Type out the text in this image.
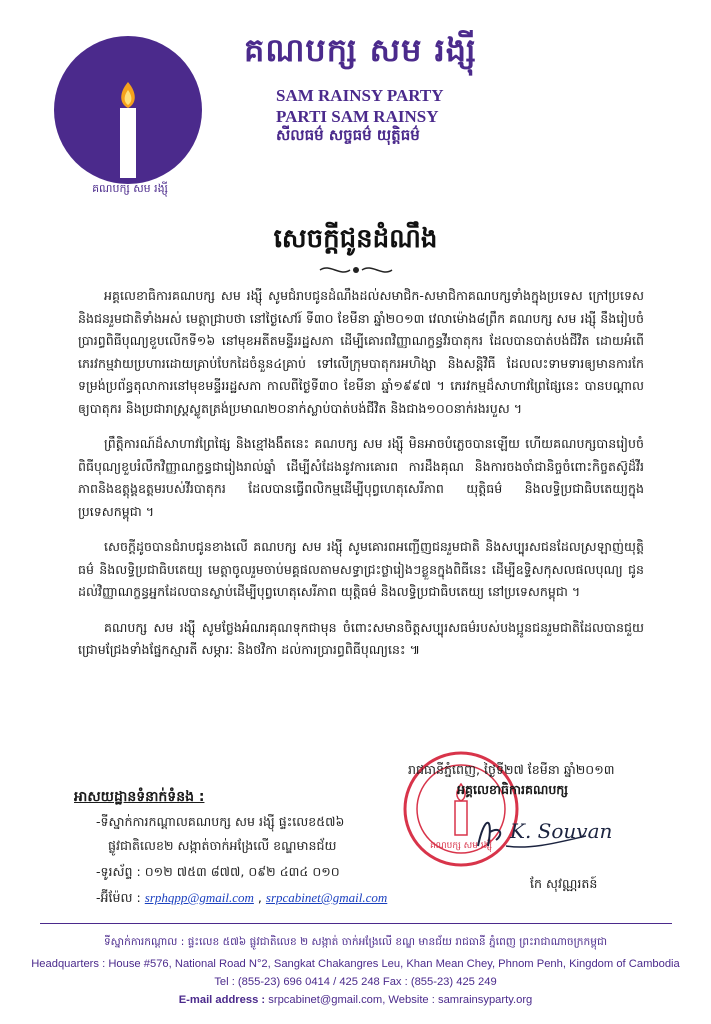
គណបក្ស សម រង្ស៊ី
គណបក្ស សម រង្ស៊ី
SAM RAINSY PARTY
PARTI SAM RAINSY
សីលធម៌ សច្ចធម៌ យុត្តិធម៌
សេចក្ដីជូនដំណឹង

អគ្គលេខាធិការគណបក្ស សម រង្ស៊ី សូមជំរាបជូនដំណឹងដល់សមាជិក-សមាជិកាគណបក្សទាំងក្នុងប្រទេស ក្រៅប្រទេស និងជនរួមជាតិទាំងអស់ មេត្តាជ្រាបថា នៅថ្ងៃសៅរ៍ ទី៣០ ខែមីនា ឆ្នាំ២០១៣ វេលាម៉ោង៨ព្រឹក គណបក្ស សម រង្ស៊ី នឹងរៀបចំប្រារព្ធពិធីបុណ្យខួបលើកទី១៦ នៅមុខអតីតមន្ទីររដ្ឋសភា ដើម្បីគោរពវិញ្ញាណក្ខន្ធវីរបាតុករ ដែលបានបាត់បង់ជីវិត ដោយអំពើភេរវកម្មវាយប្រហារដោយគ្រាប់បែកដៃចំនួន៤គ្រាប់ ទៅលើក្រុមបាតុករអហិង្សា និងសន្តិវិធី ដែលលះទាមទារឲ្យមានការកែទម្រង់ប្រព័ន្ធតុលាការនៅមុខមន្ទីររដ្ឋសភា កាលពីថ្ងៃទី៣០ ខែមីនា ឆ្នាំ១៩៩៧ ។ ភេរវកម្មដ៏សាហាវព្រៃផ្សៃនេះ បានបណ្ដាលឲ្យបាតុករ និងប្រជារាស្ត្រស្លូតត្រង់ប្រមាណ២០នាក់ស្លាប់បាត់បង់ជីវិត និងជាង១០០នាក់រងរបួស ។

ព្រឹត្តិការណ៍ដ៏សាហាវព្រៃផ្សៃ និងខ្មៅងងឹតនេះ គណបក្ស សម រង្ស៊ី មិនអាចបំភ្លេចបានឡើយ ហើយគណបក្សបានរៀបចំពិធីបុណ្យខួបរំលឹកវិញ្ញាណក្ខន្ធជារៀងរាល់ឆ្នាំ ដើម្បីសំដែងនូវការគោរព ការដឹងគុណ និងការចងចាំជានិច្ចចំពោះកិច្ចតស៊ូដ៏វីរភាពនិងឧត្ដុង្គឧត្ដមរបស់វីរបាតុករ ដែលបានធ្វើពលិកម្មដើម្បីបុព្វហេតុសេរីភាព យុត្តិធម៌ និងលទ្ធិប្រជាធិបតេយ្យក្នុងប្រទេសកម្ពុជា ។

សេចក្ដីដូចបានជំរាបជូនខាងលើ គណបក្ស សម រង្ស៊ី សូមគោរពអញ្ជើញជនរួមជាតិ និងសប្បុរសជនដែលស្រឡាញ់យុត្តិធម៌ និងលទ្ធិប្រជាធិបតេយ្យ មេត្តាចូលរួមចាប់មគ្គផលតាមសទ្ធាជ្រះថ្លារៀងៗខ្លួនក្នុងពិធីនេះ ដើម្បីឧទ្ទិសកុសលផលបុណ្យ ជូនដល់វិញ្ញាណក្ខន្ធអ្នកដែលបានស្លាប់ដើម្បីបុព្វហេតុសេរីភាព យុត្តិធម៌ និងលទ្ធិប្រជាធិបតេយ្យ នៅប្រទេសកម្ពុជា ។

គណបក្ស សម រង្ស៊ី សូមថ្លែងអំណរគុណទុកជាមុន ចំពោះសមានចិត្តសប្បុរសធម៌របស់បងប្អូនជនរួមជាតិដែលបានជួយជ្រោមជ្រែងទាំងផ្នែកស្មារតី សម្ភារៈ និងថវិកា ដល់ការប្រារព្ធពិធីបុណ្យនេះ ៕

គណបក្ស សម រង្ស៊ី
រាជធានីភ្នំពេញ, ថ្ងៃទី២៧ ខែមីនា ឆ្នាំ២០១៣
អគ្គលេខាធិការគណបក្ស
K. Souvan
កែ សុវណ្ណរតន៍
អាសយដ្ឋានទំនាក់ទំនង :
-ទីស្នាក់ការកណ្ដាលគណបក្ស សម រង្ស៊ី ផ្ទះលេខ៥៧៦
ផ្លូវជាតិលេខ២ សង្កាត់ចាក់អង្រែលើ ខណ្ឌមានជ័យ
-ទូរស័ព្ទ : ០១២ ៧៥៣ ៨៧៧, ០៩២ ៤៣៤ ០១០
-អ៊ីម៉ែល : srphqpp@gmail.com , srpcabinet@gmail.com
ទីស្នាក់ការកណ្ដាល : ផ្ទះលេខ ៥៧៦ ផ្លូវជាតិលេខ ២ សង្កាត់ ចាក់អង្រែលើ ខណ្ឌ មានជ័យ រាជធានី ភ្នំពេញ ព្រះរាជាណាចក្រកម្ពុជា
Headquarters : House #576, National Road N°2, Sangkat Chakangres Leu, Khan Mean Chey, Phnom Penh, Kingdom of Cambodia
Tel : (855-23) 696 0414 / 425 248 Fax : (855-23) 425 249
E-mail address : srpcabinet@gmail.com, Website : samrainsyparty.org
